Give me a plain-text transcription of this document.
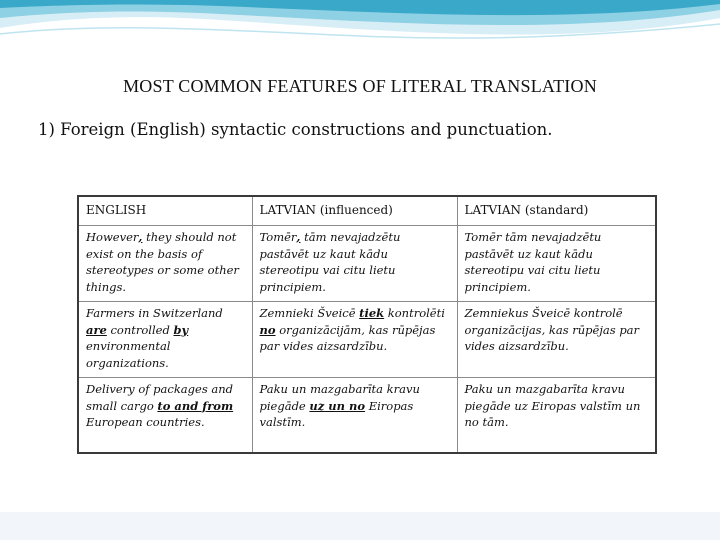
MOST COMMON FEATURES OF LITERAL TRANSLATION
1) Foreign (English) syntactic constructions and punctuation.
ENGLISH	LATVIAN (influenced)	LATVIAN (standard)
However, they should not exist on the basis of stereotypes or some other things.	Tomēr, tām nevajadzētu pastāvēt uz kaut kādu stereotipu vai citu lietu principiem.	Tomēr tām nevajadzētu pastāvēt uz kaut kādu stereotipu vai citu lietu principiem.
Farmers in Switzerland are controlled by environmental organizations.	Zemnieki Šveicē tiek kontrolēti no organizācijām, kas rūpējas par vides aizsardzību.	Zemniekus Šveicē kontrolē organizācijas, kas rūpējas par vides aizsardzību.
Delivery of packages and small cargo to and from European countries.	Paku un mazgabarīta kravu piegāde uz un no Eiropas valstīm.	Paku un mazgabarīta kravu piegāde uz Eiropas valstīm un no tām.
